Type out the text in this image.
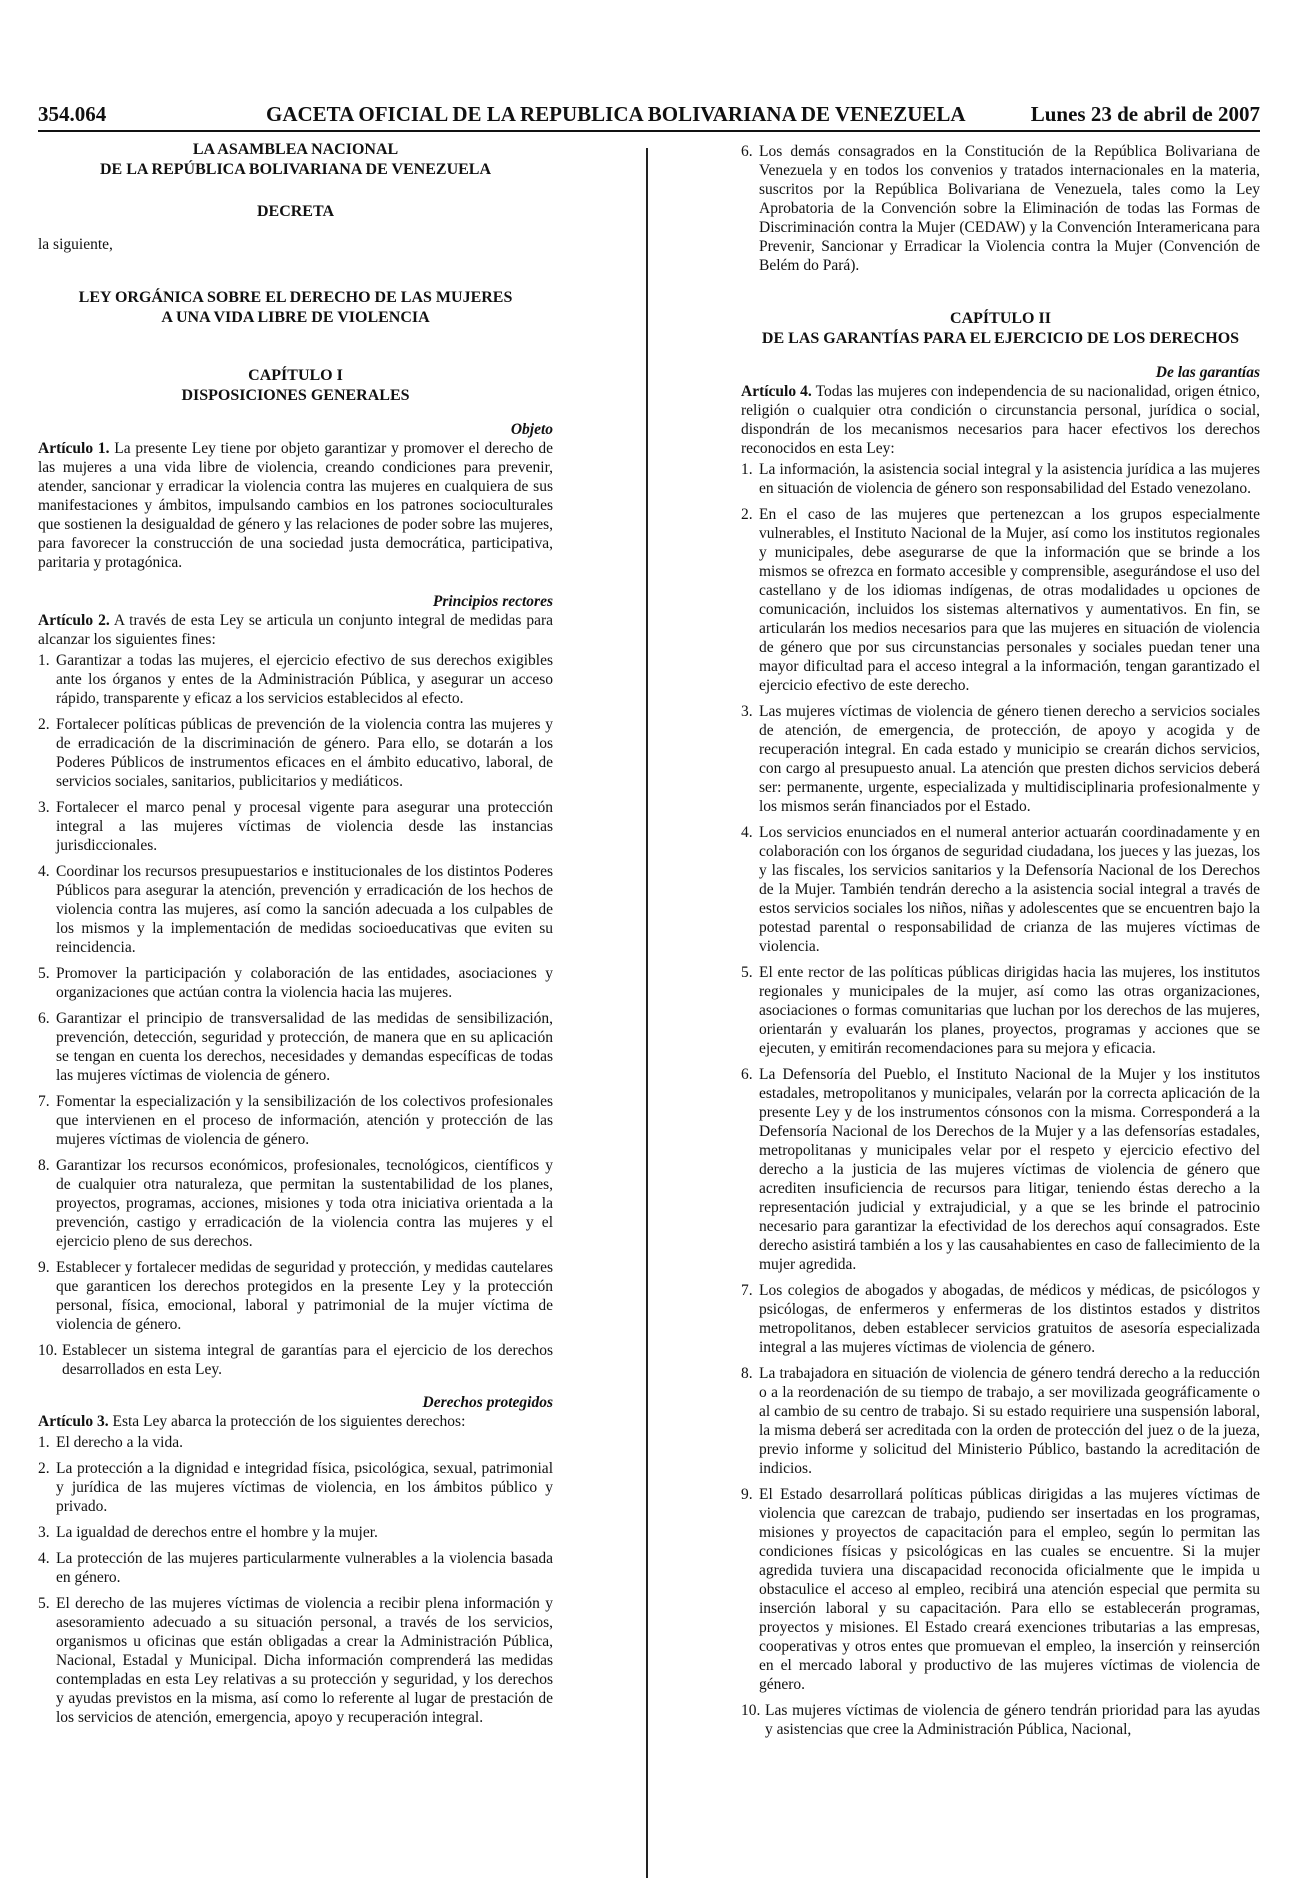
354.064	GACETA OFICIAL DE LA REPUBLICA BOLIVARIANA DE VENEZUELA	Lunes 23 de abril de 2007
LA ASAMBLEA NACIONAL
DE LA REPÚBLICA BOLIVARIANA DE VENEZUELA
DECRETA
la siguiente,
LEY ORGÁNICA SOBRE EL DERECHO DE LAS MUJERES
A UNA VIDA LIBRE DE VIOLENCIA
CAPÍTULO I
DISPOSICIONES GENERALES
Objeto

Artículo 1. La presente Ley tiene por objeto garantizar y promover el derecho de las mujeres a una vida libre de violencia, creando condiciones para prevenir, atender, sancionar y erradicar la violencia contra las mujeres en cualquiera de sus manifestaciones y ámbitos, impulsando cambios en los patrones socioculturales que sostienen la desigualdad de género y las relaciones de poder sobre las mujeres, para favorecer la construcción de una sociedad justa democrática, participativa, paritaria y protagónica.

Principios rectores

Artículo 2. A través de esta Ley se articula un conjunto integral de medidas para alcanzar los siguientes fines:

1. Garantizar a todas las mujeres, el ejercicio efectivo de sus derechos exigibles ante los órganos y entes de la Administración Pública, y asegurar un acceso rápido, transparente y eficaz a los servicios establecidos al efecto.
2. Fortalecer políticas públicas de prevención de la violencia contra las mujeres y de erradicación de la discriminación de género. Para ello, se dotarán a los Poderes Públicos de instrumentos eficaces en el ámbito educativo, laboral, de servicios sociales, sanitarios, publicitarios y mediáticos.
3. Fortalecer el marco penal y procesal vigente para asegurar una protección integral a las mujeres víctimas de violencia desde las instancias jurisdiccionales.
4. Coordinar los recursos presupuestarios e institucionales de los distintos Poderes Públicos para asegurar la atención, prevención y erradicación de los hechos de violencia contra las mujeres, así como la sanción adecuada a los culpables de los mismos y la implementación de medidas socioeducativas que eviten su reincidencia.
5. Promover la participación y colaboración de las entidades, asociaciones y organizaciones que actúan contra la violencia hacia las mujeres.
6. Garantizar el principio de transversalidad de las medidas de sensibilización, prevención, detección, seguridad y protección, de manera que en su aplicación se tengan en cuenta los derechos, necesidades y demandas específicas de todas las mujeres víctimas de violencia de género.
7. Fomentar la especialización y la sensibilización de los colectivos profesionales que intervienen en el proceso de información, atención y protección de las mujeres víctimas de violencia de género.
8. Garantizar los recursos económicos, profesionales, tecnológicos, científicos y de cualquier otra naturaleza, que permitan la sustentabilidad de los planes, proyectos, programas, acciones, misiones y toda otra iniciativa orientada a la prevención, castigo y erradicación de la violencia contra las mujeres y el ejercicio pleno de sus derechos.
9. Establecer y fortalecer medidas de seguridad y protección, y medidas cautelares que garanticen los derechos protegidos en la presente Ley y la protección personal, física, emocional, laboral y patrimonial de la mujer víctima de violencia de género.
10. Establecer un sistema integral de garantías para el ejercicio de los derechos desarrollados en esta Ley.
Derechos protegidos

Artículo 3. Esta Ley abarca la protección de los siguientes derechos:

1. El derecho a la vida.
2. La protección a la dignidad e integridad física, psicológica, sexual, patrimonial y jurídica de las mujeres víctimas de violencia, en los ámbitos público y privado.
3. La igualdad de derechos entre el hombre y la mujer.
4. La protección de las mujeres particularmente vulnerables a la violencia basada en género.
5. El derecho de las mujeres víctimas de violencia a recibir plena información y asesoramiento adecuado a su situación personal, a través de los servicios, organismos u oficinas que están obligadas a crear la Administración Pública, Nacional, Estadal y Municipal. Dicha información comprenderá las medidas contempladas en esta Ley relativas a su protección y seguridad, y los derechos y ayudas previstos en la misma, así como lo referente al lugar de prestación de los servicios de atención, emergencia, apoyo y recuperación integral.
6. Los demás consagrados en la Constitución de la República Bolivariana de Venezuela y en todos los convenios y tratados internacionales en la materia, suscritos por la República Bolivariana de Venezuela, tales como la Ley Aprobatoria de la Convención sobre la Eliminación de todas las Formas de Discriminación contra la Mujer (CEDAW) y la Convención Interamericana para Prevenir, Sancionar y Erradicar la Violencia contra la Mujer (Convención de Belém do Pará).
CAPÍTULO II
DE LAS GARANTÍAS PARA EL EJERCICIO DE LOS DERECHOS
De las garantías

Artículo 4. Todas las mujeres con independencia de su nacionalidad, origen étnico, religión o cualquier otra condición o circunstancia personal, jurídica o social, dispondrán de los mecanismos necesarios para hacer efectivos los derechos reconocidos en esta Ley:

1. La información, la asistencia social integral y la asistencia jurídica a las mujeres en situación de violencia de género son responsabilidad del Estado venezolano.
2. En el caso de las mujeres que pertenezcan a los grupos especialmente vulnerables, el Instituto Nacional de la Mujer, así como los institutos regionales y municipales, debe asegurarse de que la información que se brinde a los mismos se ofrezca en formato accesible y comprensible, asegurándose el uso del castellano y de los idiomas indígenas, de otras modalidades u opciones de comunicación, incluidos los sistemas alternativos y aumentativos. En fin, se articularán los medios necesarios para que las mujeres en situación de violencia de género que por sus circunstancias personales y sociales puedan tener una mayor dificultad para el acceso integral a la información, tengan garantizado el ejercicio efectivo de este derecho.
3. Las mujeres víctimas de violencia de género tienen derecho a servicios sociales de atención, de emergencia, de protección, de apoyo y acogida y de recuperación integral. En cada estado y municipio se crearán dichos servicios, con cargo al presupuesto anual. La atención que presten dichos servicios deberá ser: permanente, urgente, especializada y multidisciplinaria profesionalmente y los mismos serán financiados por el Estado.
4. Los servicios enunciados en el numeral anterior actuarán coordinadamente y en colaboración con los órganos de seguridad ciudadana, los jueces y las juezas, los y las fiscales, los servicios sanitarios y la Defensoría Nacional de los Derechos de la Mujer. También tendrán derecho a la asistencia social integral a través de estos servicios sociales los niños, niñas y adolescentes que se encuentren bajo la potestad parental o responsabilidad de crianza de las mujeres víctimas de violencia.
5. El ente rector de las políticas públicas dirigidas hacia las mujeres, los institutos regionales y municipales de la mujer, así como las otras organizaciones, asociaciones o formas comunitarias que luchan por los derechos de las mujeres, orientarán y evaluarán los planes, proyectos, programas y acciones que se ejecuten, y emitirán recomendaciones para su mejora y eficacia.
6. La Defensoría del Pueblo, el Instituto Nacional de la Mujer y los institutos estadales, metropolitanos y municipales, velarán por la correcta aplicación de la presente Ley y de los instrumentos cónsonos con la misma. Corresponderá a la Defensoría Nacional de los Derechos de la Mujer y a las defensorías estadales, metropolitanas y municipales velar por el respeto y ejercicio efectivo del derecho a la justicia de las mujeres víctimas de violencia de género que acrediten insuficiencia de recursos para litigar, teniendo éstas derecho a la representación judicial y extrajudicial, y a que se les brinde el patrocinio necesario para garantizar la efectividad de los derechos aquí consagrados. Este derecho asistirá también a los y las causahabientes en caso de fallecimiento de la mujer agredida.
7. Los colegios de abogados y abogadas, de médicos y médicas, de psicólogos y psicólogas, de enfermeros y enfermeras de los distintos estados y distritos metropolitanos, deben establecer servicios gratuitos de asesoría especializada integral a las mujeres víctimas de violencia de género.
8. La trabajadora en situación de violencia de género tendrá derecho a la reducción o a la reordenación de su tiempo de trabajo, a ser movilizada geográficamente o al cambio de su centro de trabajo. Si su estado requiriere una suspensión laboral, la misma deberá ser acreditada con la orden de protección del juez o de la jueza, previo informe y solicitud del Ministerio Público, bastando la acreditación de indicios.
9. El Estado desarrollará políticas públicas dirigidas a las mujeres víctimas de violencia que carezcan de trabajo, pudiendo ser insertadas en los programas, misiones y proyectos de capacitación para el empleo, según lo permitan las condiciones físicas y psicológicas en las cuales se encuentre. Si la mujer agredida tuviera una discapacidad reconocida oficialmente que le impida u obstaculice el acceso al empleo, recibirá una atención especial que permita su inserción laboral y su capacitación. Para ello se establecerán programas, proyectos y misiones. El Estado creará exenciones tributarias a las empresas, cooperativas y otros entes que promuevan el empleo, la inserción y reinserción en el mercado laboral y productivo de las mujeres víctimas de violencia de género.
10. Las mujeres víctimas de violencia de género tendrán prioridad para las ayudas y asistencias que cree la Administración Pública, Nacional,
